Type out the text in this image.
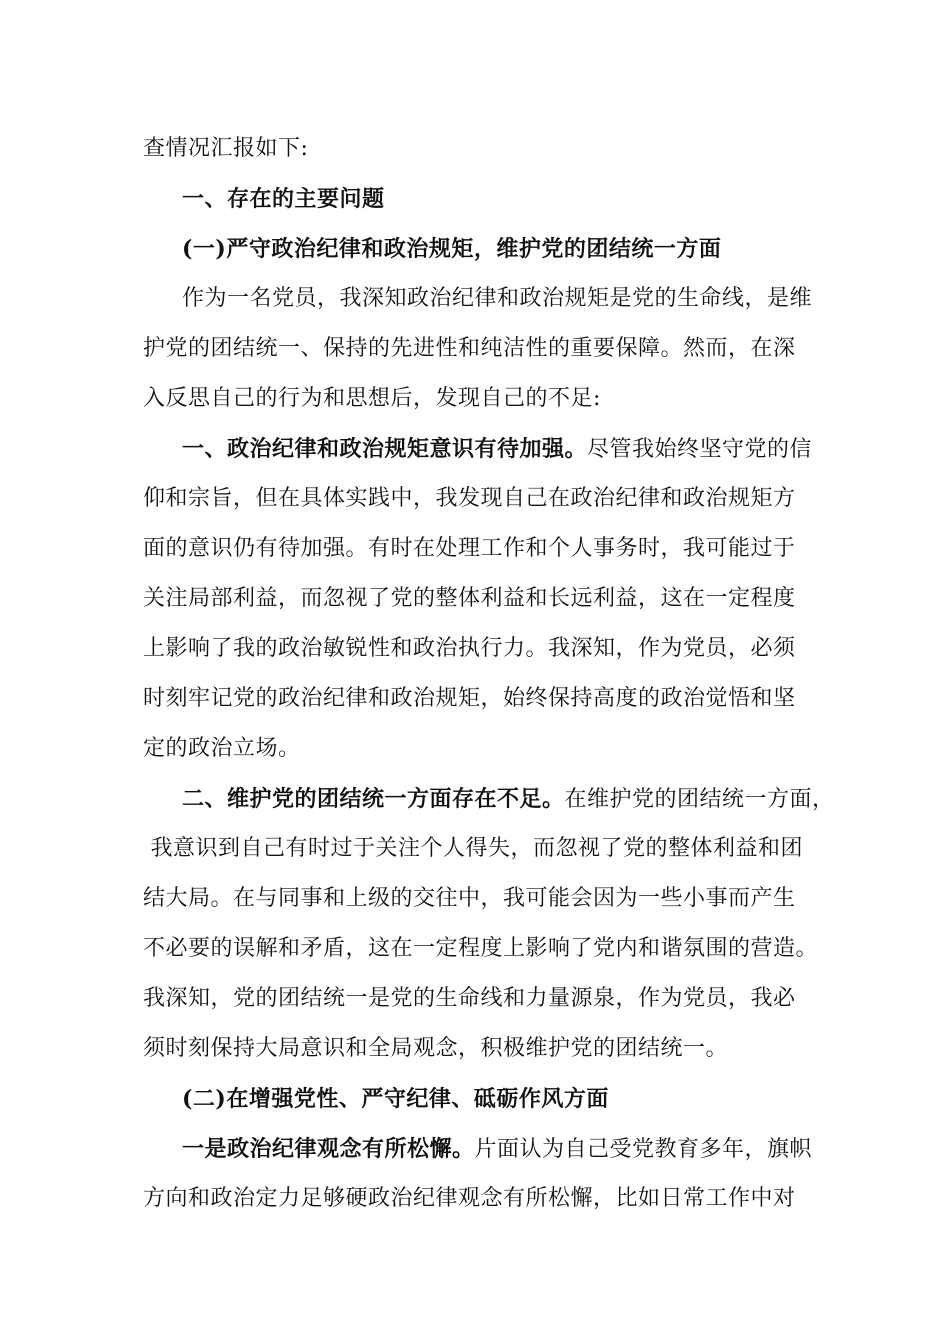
查情况汇报如下:
一、存在的主要问题
(一)严守政治纪律和政治规矩，维护党的团结统一方面
作为一名党员，我深知政治纪律和政治规矩是党的生命线，是维
护党的团结统一、保持的先进性和纯洁性的重要保障。然而，在深
入反思自己的行为和思想后，发现自己的不足:
一、政治纪律和政治规矩意识有待加强。尽管我始终坚守党的信
仰和宗旨，但在具体实践中，我发现自己在政治纪律和政治规矩方
面的意识仍有待加强。有时在处理工作和个人事务时，我可能过于
关注局部利益，而忽视了党的整体利益和长远利益，这在一定程度
上影响了我的政治敏锐性和政治执行力。我深知，作为党员，必须
时刻牢记党的政治纪律和政治规矩，始终保持高度的政治觉悟和坚
定的政治立场。
二、维护党的团结统一方面存在不足。在维护党的团结统一方面，
我意识到自己有时过于关注个人得失，而忽视了党的整体利益和团
结大局。在与同事和上级的交往中，我可能会因为一些小事而产生
不必要的误解和矛盾，这在一定程度上影响了党内和谐氛围的营造。
我深知，党的团结统一是党的生命线和力量源泉，作为党员，我必
须时刻保持大局意识和全局观念，积极维护党的团结统一。
(二)在增强党性、严守纪律、砥砺作风方面
一是政治纪律观念有所松懈。片面认为自己受党教育多年，旗帜
方向和政治定力足够硬政治纪律观念有所松懈，比如日常工作中对
